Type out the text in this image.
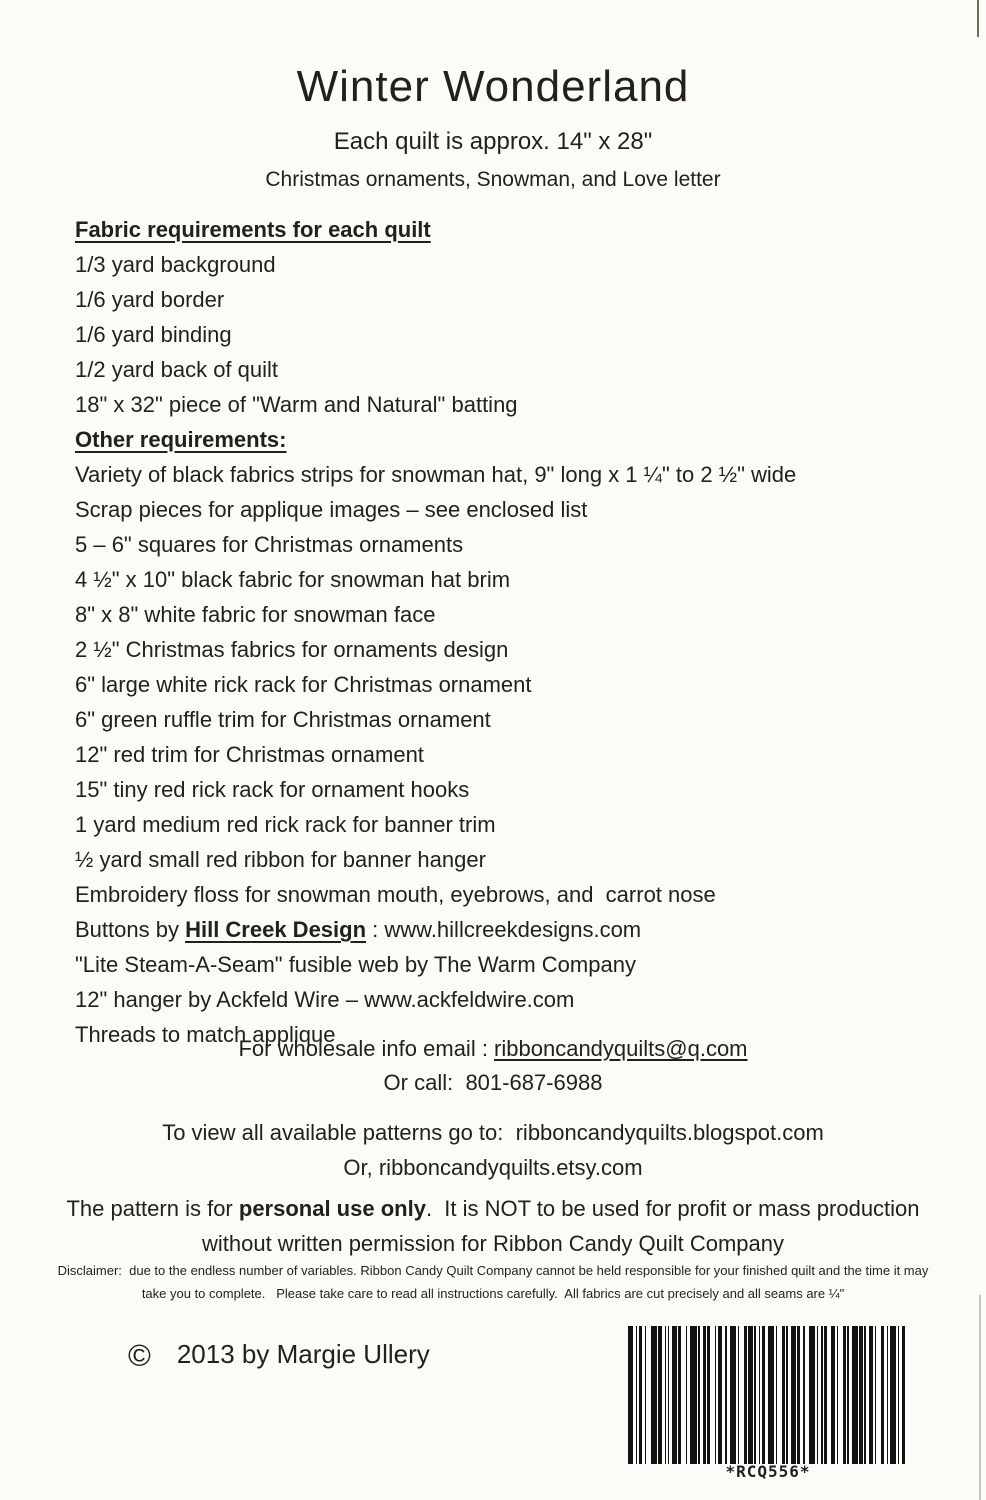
Winter Wonderland
Each quilt is approx. 14" x 28"
Christmas ornaments, Snowman, and Love letter
Fabric requirements for each quilt
1/3 yard background
1/6 yard border
1/6 yard binding
1/2 yard back of quilt
18" x 32" piece of "Warm and Natural" batting
Other requirements:
Variety of black fabrics strips for snowman hat, 9" long x 1 ¼" to 2 ½" wide
Scrap pieces for applique images – see enclosed list
5 – 6" squares for Christmas ornaments
4 ½" x 10" black fabric for snowman hat brim
8" x 8" white fabric for snowman face
2 ½" Christmas fabrics for ornaments design
6" large white rick rack for Christmas ornament
6" green ruffle trim for Christmas ornament
12" red trim for Christmas ornament
15" tiny red rick rack for ornament hooks
1 yard medium red rick rack for banner trim
½ yard small red ribbon for banner hanger
Embroidery floss for snowman mouth, eyebrows, and  carrot nose
Buttons by Hill Creek Design : www.hillcreekdesigns.com
"Lite Steam-A-Seam" fusible web by The Warm Company
12" hanger by Ackfeld Wire – www.ackfeldwire.com
Threads to match applique
For wholesale info email : ribboncandyquilts@q.com
Or call:  801-687-6988
To view all available patterns go to:  ribboncandyquilts.blogspot.com
Or, ribboncandyquilts.etsy.com
The pattern is for personal use only.  It is NOT to be used for profit or mass production
without written permission for Ribbon Candy Quilt Company
Disclaimer:  due to the endless number of variables. Ribbon Candy Quilt Company cannot be held responsible for your finished quilt and the time it may
take you to complete.   Please take care to read all instructions carefully.  All fabrics are cut precisely and all seams are ¼"
© 2013 by Margie Ullery
*RCQ556*
